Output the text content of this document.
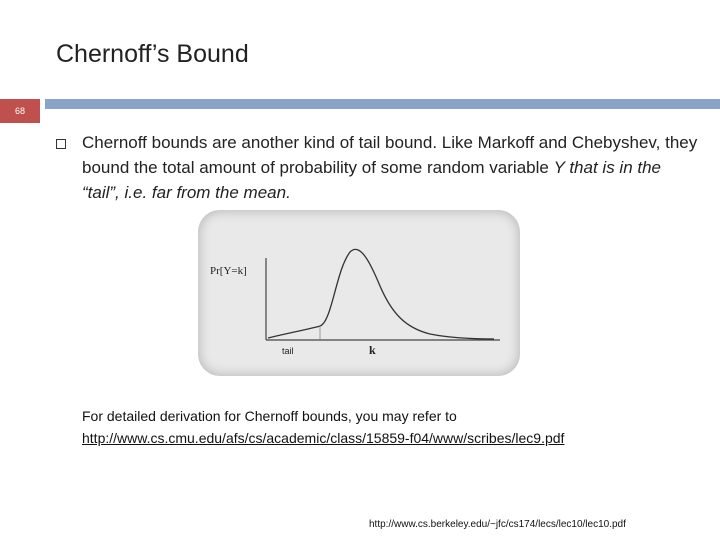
Chernoff’s Bound
68
Chernoff bounds are another kind of tail bound. Like Markoff and Chebyshev, they bound the total amount of probability of some random variable Y that is in the “tail”, i.e. far from the mean.
Pr[Y=k]
tail	k
For detailed derivation for Chernoff bounds, you may refer to
http://www.cs.cmu.edu/afs/cs/academic/class/15859-f04/www/scribes/lec9.pdf
http://www.cs.berkeley.edu/~jfc/cs174/lecs/lec10/lec10.pdf
